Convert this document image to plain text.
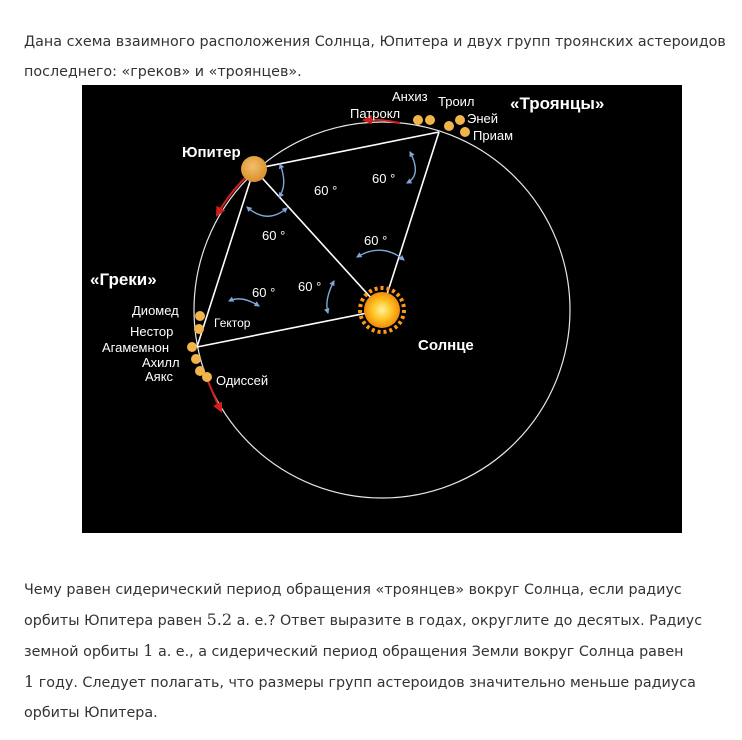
Дана схема взаимного расположения Солнца, Юпитера и двух групп троянских астероидов
последнего: «греков» и «троянцев».
60 °
60 °
60 °
60 °
60 °
60 °
Юпитер
Солнце
Гектор
«Троянцы»
Анхиз Троил
Патрокл	Эней
Приам
«Греки»
Диомед
Нестор
Агамемнон
Ахилл
Аякс	Одиссей
Чему равен сидерический период обращения «троянцев» вокруг Солнца, если радиус
орбиты Юпитера равен 5.2 а. е.? Ответ выразите в годах, округлите до десятых. Радиус
земной орбиты 1 а. е., а сидерический период обращения Земли вокруг Солнца равен
1 году. Следует полагать, что размеры групп астероидов значительно меньше радиуса
орбиты Юпитера.
